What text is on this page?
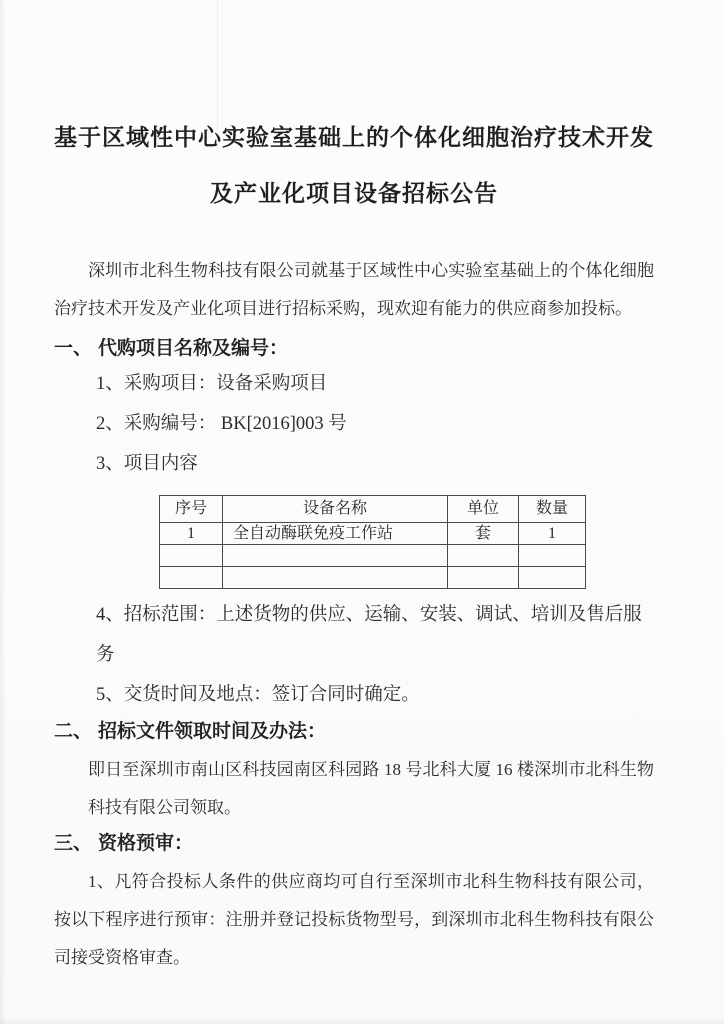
基于区域性中心实验室基础上的个体化细胞治疗技术开发
及产业化项目设备招标公告

深圳市北科生物科技有限公司就基于区域性中心实验室基础上的个体化细胞治疗技术开发及产业化项目进行招标采购，现欢迎有能力的供应商参加投标。

一、 代购项目名称及编号：
1、采购项目：设备采购项目
2、采购编号： BK[2016]003 号
3、项目内容
序号	设备名称	单位	数量
1	全自动酶联免疫工作站	套	1

4、招标范围：上述货物的供应、运输、安装、调试、培训及售后服务
5、交货时间及地点：签订合同时确定。
二、 招标文件领取时间及办法：

即日至深圳市南山区科技园南区科园路 18 号北科大厦 16 楼深圳市北科生物科技有限公司领取。

三、 资格预审：

1、凡符合投标人条件的供应商均可自行至深圳市北科生物科技有限公司，按以下程序进行预审：注册并登记投标货物型号，到深圳市北科生物科技有限公司接受资格审查。
